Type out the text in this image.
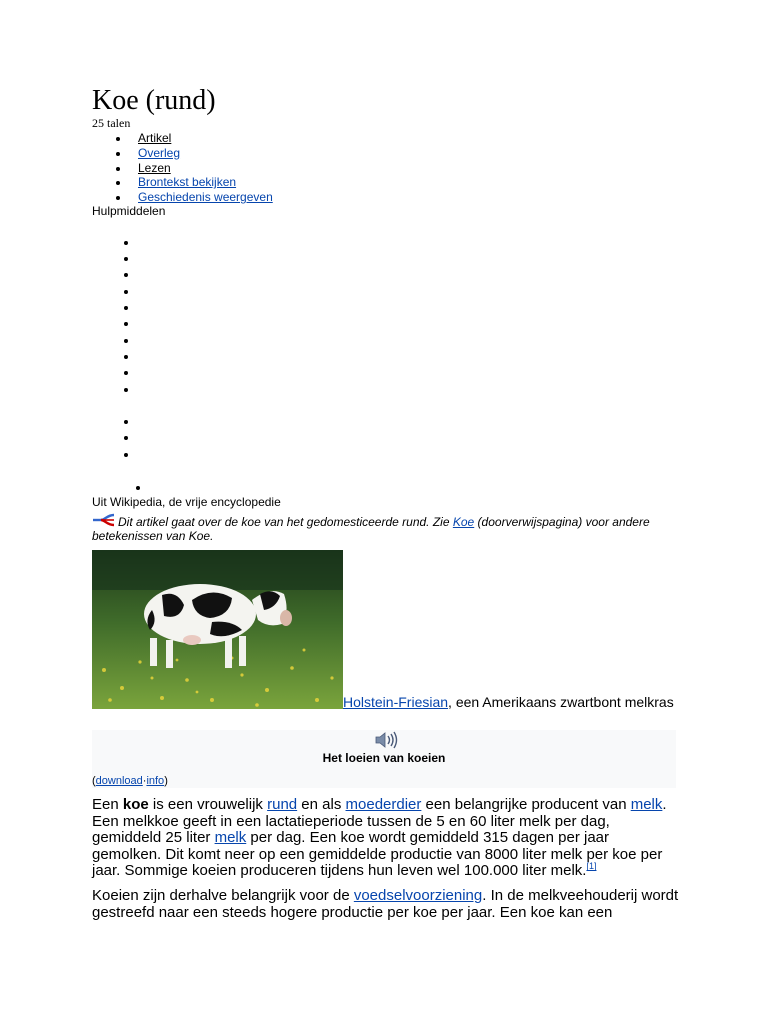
Koe (rund)
25 talen
Artikel
Overleg
Lezen
Brontekst bekijken
Geschiedenis weergeven
Hulpmiddelen
Uit Wikipedia, de vrije encyclopedie
Dit artikel gaat over de koe van het gedomesticeerde rund. Zie Koe (doorverwijspagina) voor andere betekenissen van Koe.
Holstein-Friesian, een Amerikaans zwartbont melkras
Het loeien van koeien
(download·info)

Een koe is een vrouwelijk rund en als moederdier een belangrijke producent van melk. Een melkkoe geeft in een lactatieperiode tussen de 5 en 60 liter melk per dag, gemiddeld 25 liter melk per dag. Een koe wordt gemiddeld 315 dagen per jaar gemolken. Dit komt neer op een gemiddelde productie van 8000 liter melk per koe per jaar. Sommige koeien produceren tijdens hun leven wel 100.000 liter melk.[1]

Koeien zijn derhalve belangrijk voor de voedselvoorziening. In de melkveehouderij wordt gestreefd naar een steeds hogere productie per koe per jaar. Een koe kan een
